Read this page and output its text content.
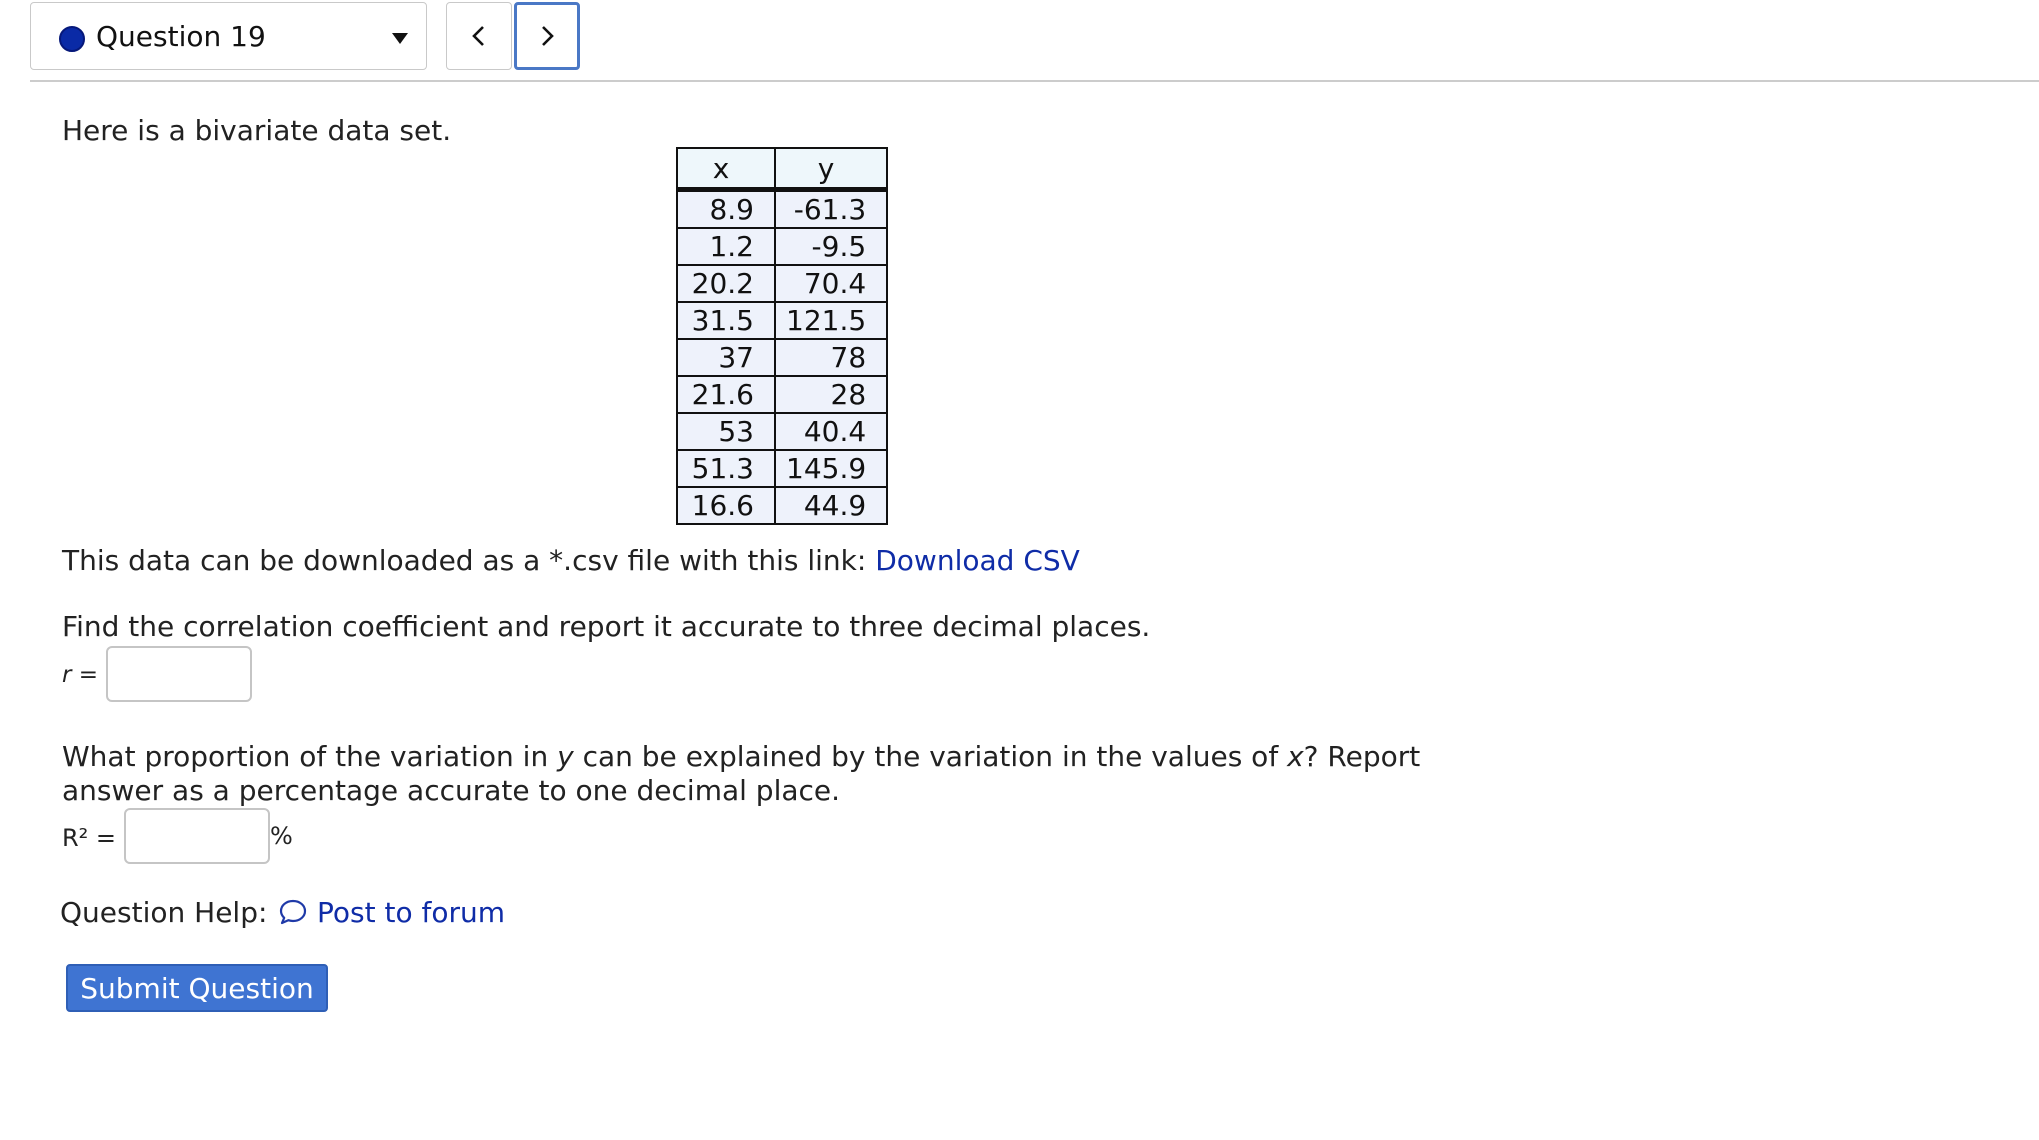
Question 19
Here is a bivariate data set.
x	y
8.9	-61.3
1.2	-9.5
20.2	70.4
31.5	121.5
37	78
21.6	28
53	40.4
51.3	145.9
16.6	44.9
This data can be downloaded as a *.csv file with this link: Download CSV
Find the correlation coefficient and report it accurate to three decimal places.
r =
What proportion of the variation in y can be explained by the variation in the values of x? Report answer as a percentage accurate to one decimal place.
R² =	%
Question Help: Post to forum
Submit Question
